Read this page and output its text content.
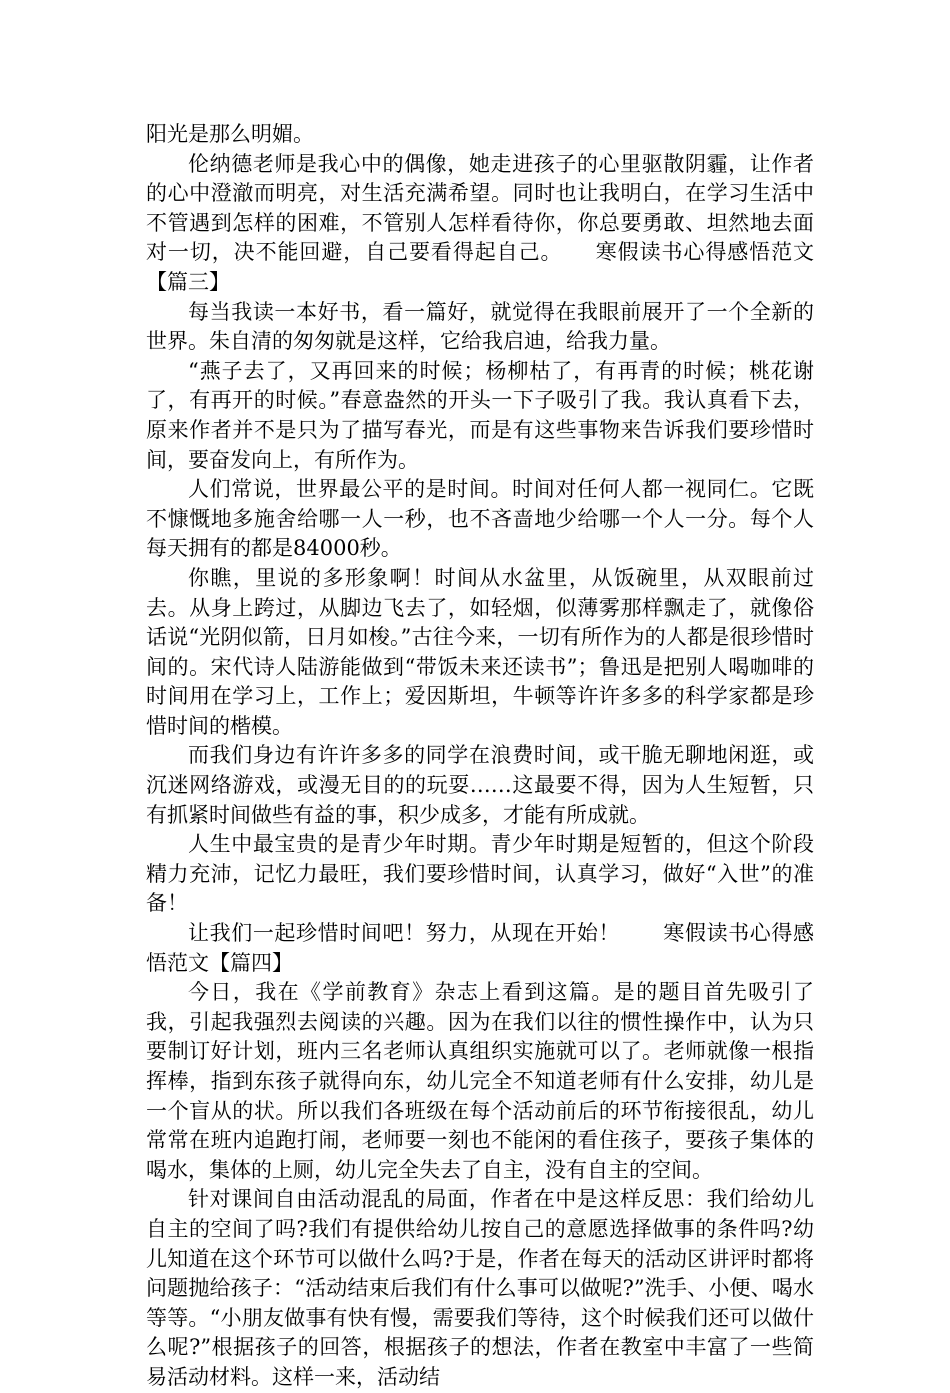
阳光是那么明媚。

伦纳德老师是我心中的偶像，她走进孩子的心里驱散阴霾，让作者的心中澄澈而明亮，对生活充满希望。同时也让我明白，在学习生活中不管遇到怎样的困难，不管别人怎样看待你，你总要勇敢、坦然地去面对一切，决不能回避，自己要看得起自己。　　寒假读书心得感悟范文【篇三】

每当我读一本好书，看一篇好，就觉得在我眼前展开了一个全新的世界。朱自清的匆匆就是这样，它给我启迪，给我力量。

“燕子去了，又再回来的时候；杨柳枯了，有再青的时候；桃花谢了，有再开的时候。”春意盎然的开头一下子吸引了我。我认真看下去，原来作者并不是只为了描写春光，而是有这些事物来告诉我们要珍惜时间，要奋发向上，有所作为。

人们常说，世界最公平的是时间。时间对任何人都一视同仁。它既不慷慨地多施舍给哪一人一秒，也不吝啬地少给哪一个人一分。每个人每天拥有的都是84000秒。

你瞧，里说的多形象啊！时间从水盆里，从饭碗里，从双眼前过去。从身上跨过，从脚边飞去了，如轻烟，似薄雾那样飘走了，就像俗话说“光阴似箭，日月如梭。”古往今来，一切有所作为的人都是很珍惜时间的。宋代诗人陆游能做到“带饭未来还读书”；鲁迅是把别人喝咖啡的时间用在学习上，工作上；爱因斯坦，牛顿等许许多多的科学家都是珍惜时间的楷模。

而我们身边有许许多多的同学在浪费时间，或干脆无聊地闲逛，或沉迷网络游戏，或漫无目的的玩耍……这最要不得，因为人生短暂，只有抓紧时间做些有益的事，积少成多，才能有所成就。

人生中最宝贵的是青少年时期。青少年时期是短暂的，但这个阶段精力充沛，记忆力最旺，我们要珍惜时间，认真学习，做好“入世”的准备！

让我们一起珍惜时间吧！努力，从现在开始！　　寒假读书心得感悟范文【篇四】

今日，我在《学前教育》杂志上看到这篇。是的题目首先吸引了我，引起我强烈去阅读的兴趣。因为在我们以往的惯性操作中，认为只要制订好计划，班内三名老师认真组织实施就可以了。老师就像一根指挥棒，指到东孩子就得向东，幼儿完全不知道老师有什么安排，幼儿是一个盲从的状。所以我们各班级在每个活动前后的环节衔接很乱，幼儿常常在班内追跑打闹，老师要一刻也不能闲的看住孩子，要孩子集体的喝水，集体的上厕，幼儿完全失去了自主，没有自主的空间。

针对课间自由活动混乱的局面，作者在中是这样反思：我们给幼儿自主的空间了吗?我们有提供给幼儿按自己的意愿选择做事的条件吗?幼儿知道在这个环节可以做什么吗?于是，作者在每天的活动区讲评时都将问题抛给孩子：“活动结束后我们有什么事可以做呢?”洗手、小便、喝水等等。“小朋友做事有快有慢，需要我们等待，这个时候我们还可以做什么呢?”根据孩子的回答，根据孩子的想法，作者在教室中丰富了一些简易活动材料。这样一来，活动结
